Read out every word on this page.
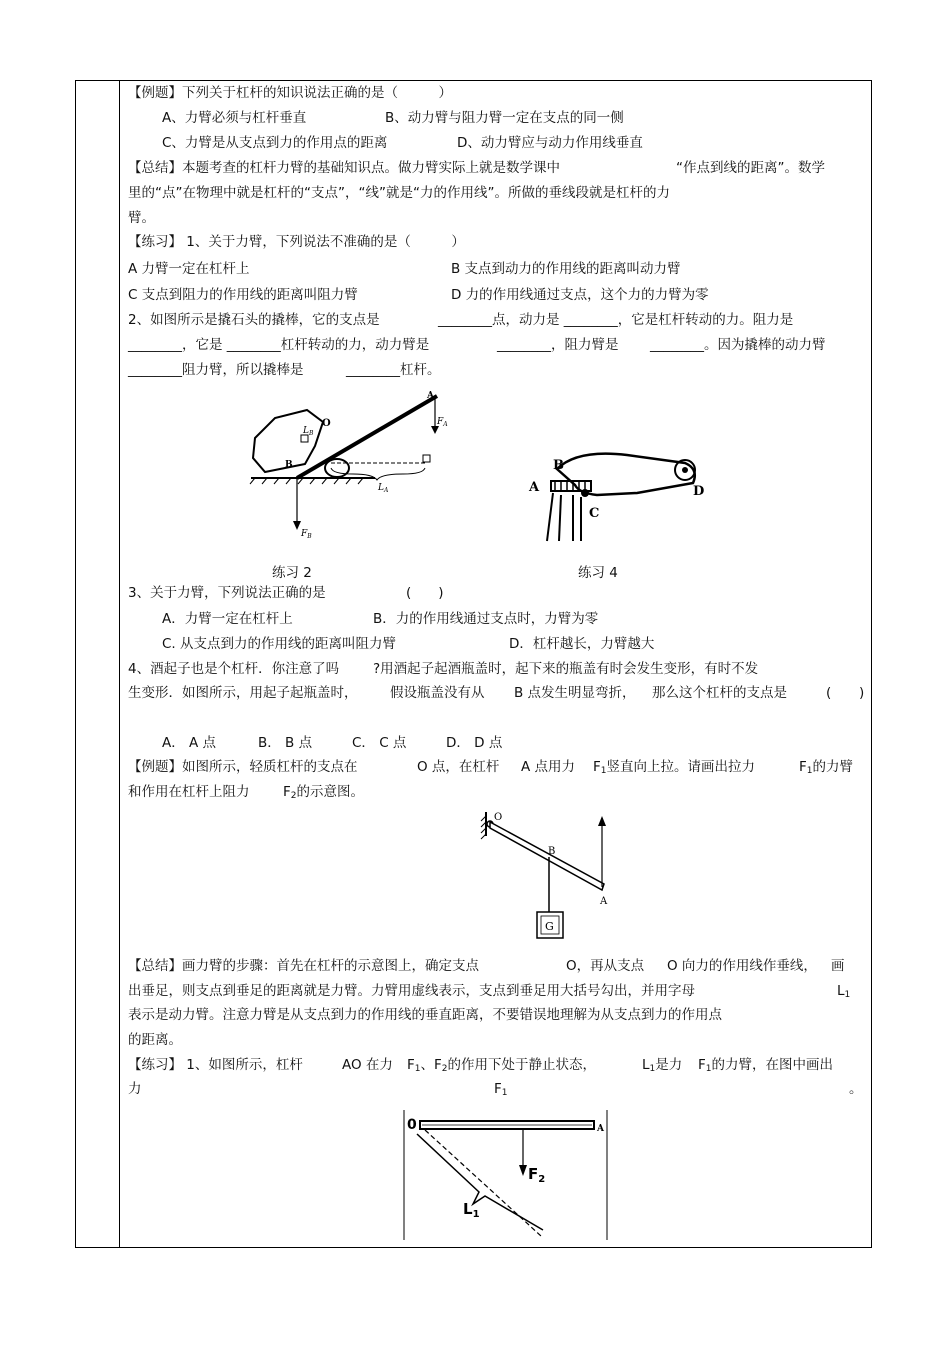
【例题】下列关于杠杆的知识说法正确的是（　　　）
A、力臂必须与杠杆垂直	B、动力臂与阻力臂一定在支点的同一侧
C、力臂是从支点到力的作用点的距离	D、动力臂应与动力作用线垂直
【总结】本题考查的杠杆力臂的基础知识点。做力臂实际上就是数学课中	“作点到线的距离”。数学
里的“点”在物理中就是杠杆的“支点”，“线”就是“力的作用线”。所做的垂线段就是杠杆的力
臂。
【练习】 1、关于力臂，下列说法不准确的是（　　　）
A 力臂一定在杠杆上	B 支点到动力的作用线的距离叫动力臂
C 支点到阻力的作用线的距离叫阻力臂	D 力的作用线通过支点，这个力的力臂为零
2、如图所示是撬石头的撬棒，它的支点是	________点，动力是 ________，它是杠杆转动的力。阻力是
________，它是 ________杠杆转动的力，动力臂是	________，阻力臂是 ________。因为撬棒的动力臂
________阻力臂，所以撬棒是	________杠杆。
A
O
B
$F_A$
$F_B$
$L_A$
$L_B$
A
B
C
D
练习 2	练习 4
3、关于力臂，下列说法正确的是	(　　)
A．力臂一定在杠杆上	B．力的作用线通过支点时，力臂为零
C. 从支点到力的作用线的距离叫阻力臂	D．杠杆越长，力臂越大
4、酒起子也是个杠杆．你注意了吗	?用酒起子起酒瓶盖时，起下来的瓶盖有时会发生变形，有时不发
生变形．如图所示，用起子起瓶盖时， 假设瓶盖没有从 B 点发生明显弯折， 那么这个杠杆的支点是	( )
A． A 点	B． B 点	C． C 点	D． D 点
【例题】如图所示，轻质杠杆的支点在	O 点，在杠杆 A 点用力 $F_1$竖直向上拉。请画出拉力	$F_1$的力臂
和作用在杠杆上阻力 $F_2$的示意图。
O
B
A
G
【总结】画力臂的步骤：首先在杠杆的示意图上，确定支点	O，再从支点 O 向力的作用线作垂线， 画
出垂足，则支点到垂足的距离就是力臂。力臂用虚线表示，支点到垂足用大括号勾出，并用字母	$L_1$
表示是动力臂。注意力臂是从支点到力的作用线的垂直距离，不要错误地理解为从支点到力的作用点
的距离。
【练习】 1、如图所示，杠杆	AO 在力 $F_1$、$F_2$的作用下处于静止状态，	$L_1$是力 $F_1$的力臂，在图中画出
力	$F_1$	。
0	A
$F_2$
$L_1$
